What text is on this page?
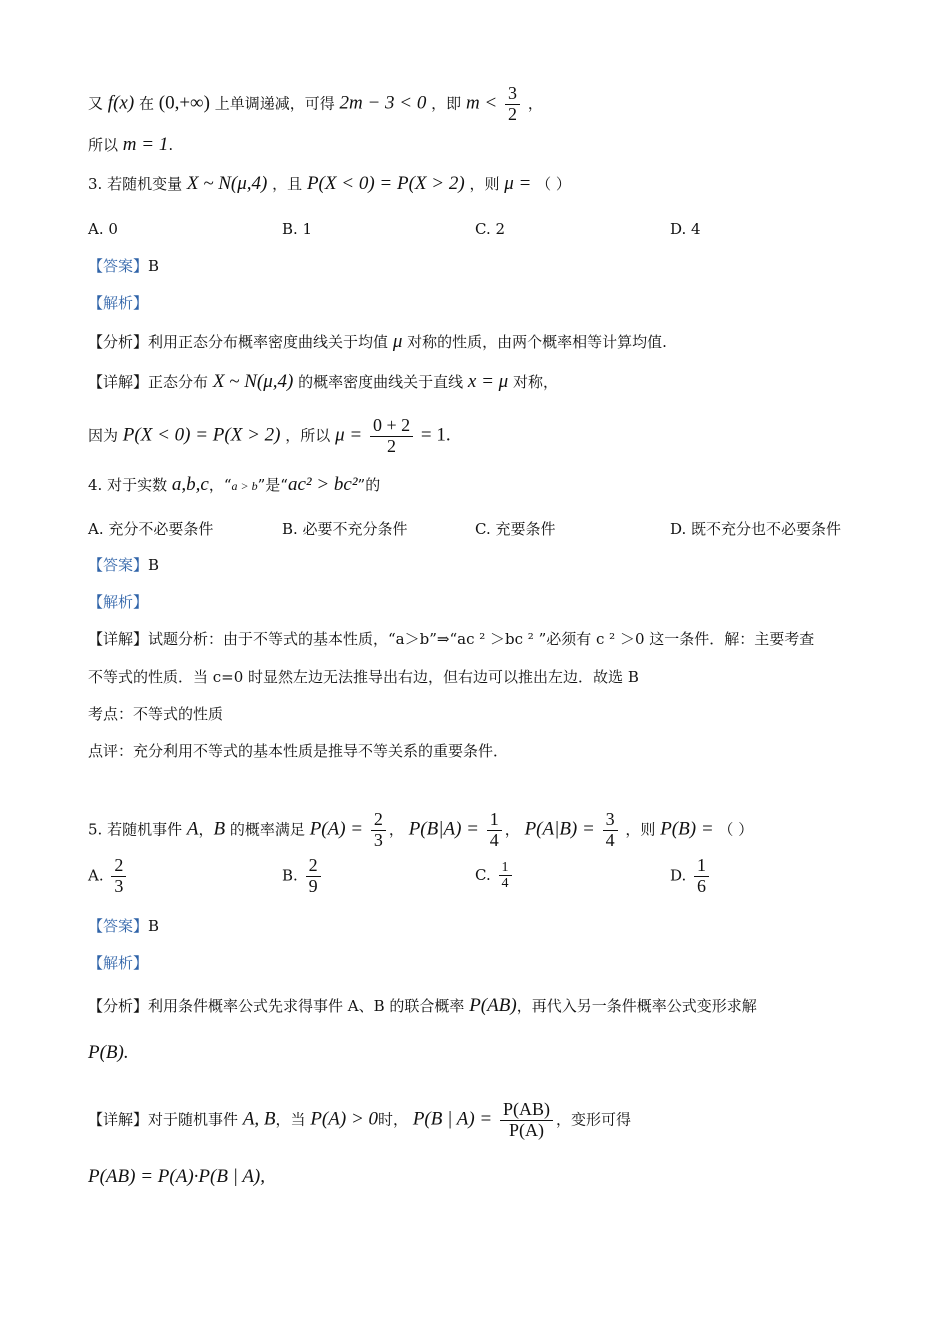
又 f(x) 在 (0,+∞) 上单调递减，可得 2m − 3 < 0 ，即 $m < \frac{3}{2}$ ，
所以 m = 1.
3. 若随机变量 X ~ N(μ,4) ，且 P(X < 0) = P(X > 2) ，则 μ = （ ）
A. 0	B. 1	C. 2	D. 4
【答案】B
【解析】
【分析】利用正态分布概率密度曲线关于均值 μ 对称的性质，由两个概率相等计算均值.
【详解】正态分布 X ~ N(μ,4) 的概率密度曲线关于直线 x = μ 对称，
因为 P(X < 0) = P(X > 2) ，所以 $\mu = \frac{0 + 2}{2} = 1$.
4. 对于实数 a,b,c，“a > b”是“ac² > bc²”的
A. 充分不必要条件	B. 必要不充分条件	C. 充要条件	D. 既不充分也不必要条件
【答案】B
【解析】
【详解】试题分析：由于不等式的基本性质，“a＞b”⇒“ac ² ＞bc ² ”必须有 c ² ＞0 这一条件．解：主要考查
不等式的性质．当 c=0 时显然左边无法推导出右边，但右边可以推出左边．故选 B
考点：不等式的性质
点评：充分利用不等式的基本性质是推导不等关系的重要条件．
5. 若随机事件 A，B 的概率满足 $P(A) = \frac{2}{3}$ ， $P(B|A) = \frac{1}{4}$ ， $P(A|B) = \frac{3}{4}$ ，则 P(B) = （ ）
A. $\frac{2}{3}$	B. $\frac{2}{9}$	C. $\frac{1}{4}$	D. $\frac{1}{6}$
【答案】B
【解析】
【分析】利用条件概率公式先求得事件 A、B 的联合概率 P(AB)，再代入另一条件概率公式变形求解
P(B).
【详解】对于随机事件 A, B，当 P(A) > 0时， P(B | $A) = \frac{P(AB)}{P(A)}$ ，变形可得
P(AB) = P(A)·P(B | A),
